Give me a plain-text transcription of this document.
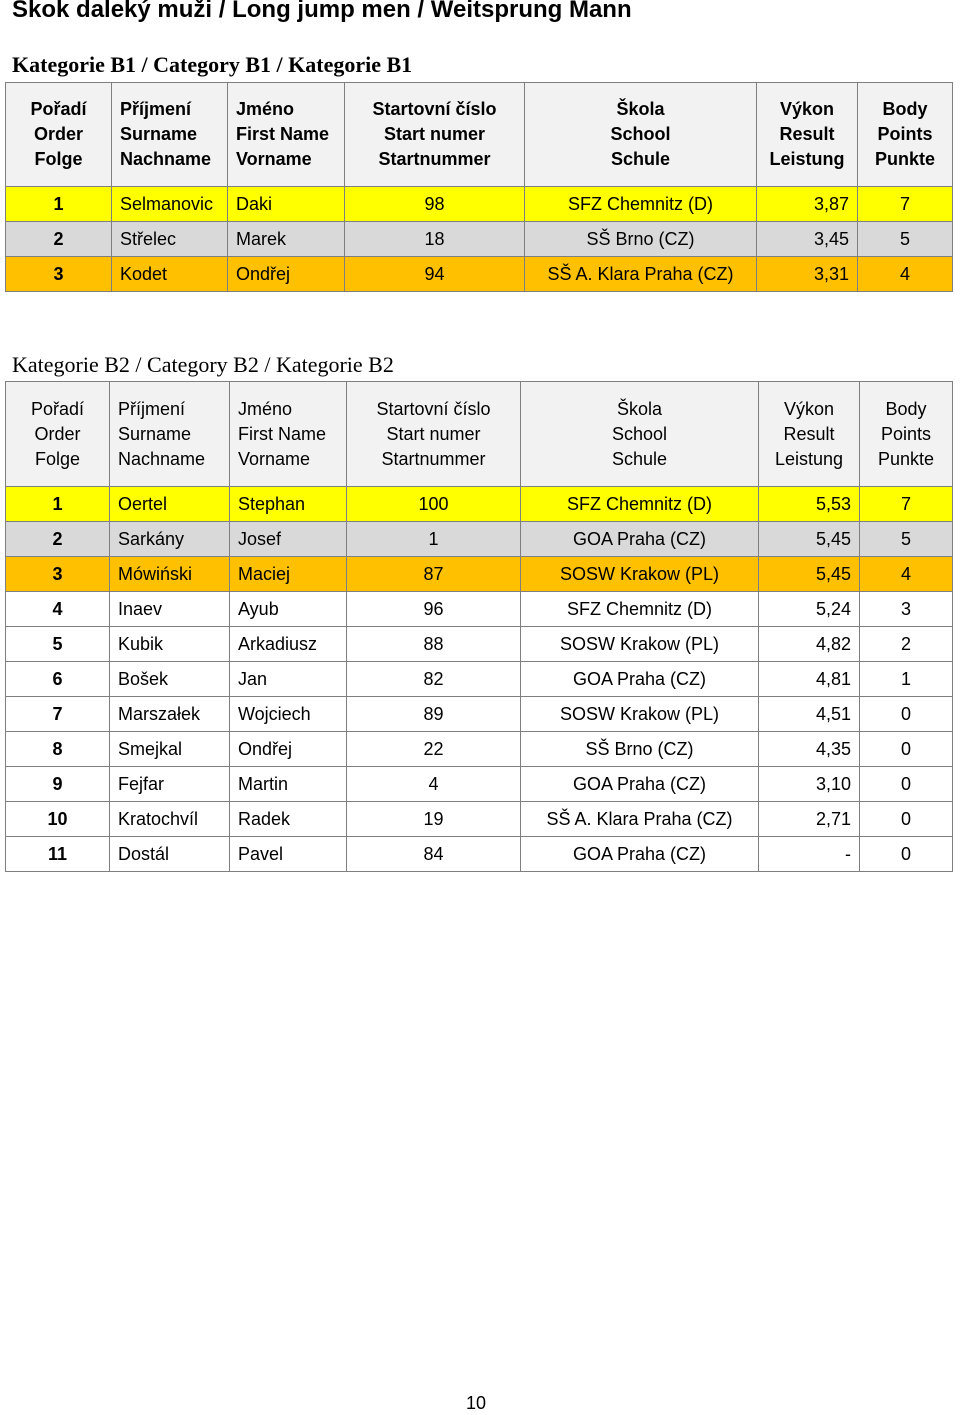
Skok daleký muži / Long jump men / Weitsprung Mann
Kategorie B1 / Category B1 / Kategorie B1
Pořadí
Order
Folge	Příjmení
Surname
Nachname	Jméno
First Name
Vorname	Startovní číslo
Start numer
Startnummer	Škola
School
Schule	Výkon
Result
Leistung	Body
Points
Punkte
1	Selmanovic	Daki	98	SFZ Chemnitz (D)	3,87	7
2	Střelec	Marek	18	SŠ Brno (CZ)	3,45	5
3	Kodet	Ondřej	94	SŠ A. Klara Praha (CZ)	3,31	4
Kategorie B2 / Category B2 / Kategorie B2
Pořadí
Order
Folge	Příjmení
Surname
Nachname	Jméno
First Name
Vorname	Startovní číslo
Start numer
Startnummer	Škola
School
Schule	Výkon
Result
Leistung	Body
Points
Punkte
1	Oertel	Stephan	100	SFZ Chemnitz (D)	5,53	7
2	Sarkány	Josef	1	GOA Praha (CZ)	5,45	5
3	Mówiński	Maciej	87	SOSW Krakow (PL)	5,45	4
4	Inaev	Ayub	96	SFZ Chemnitz (D)	5,24	3
5	Kubik	Arkadiusz	88	SOSW Krakow (PL)	4,82	2
6	Bošek	Jan	82	GOA Praha (CZ)	4,81	1
7	Marszałek	Wojciech	89	SOSW Krakow (PL)	4,51	0
8	Smejkal	Ondřej	22	SŠ Brno (CZ)	4,35	0
9	Fejfar	Martin	4	GOA Praha (CZ)	3,10	0
10	Kratochvíl	Radek	19	SŠ A. Klara Praha (CZ)	2,71	0
11	Dostál	Pavel	84	GOA Praha (CZ)	-	0
10
